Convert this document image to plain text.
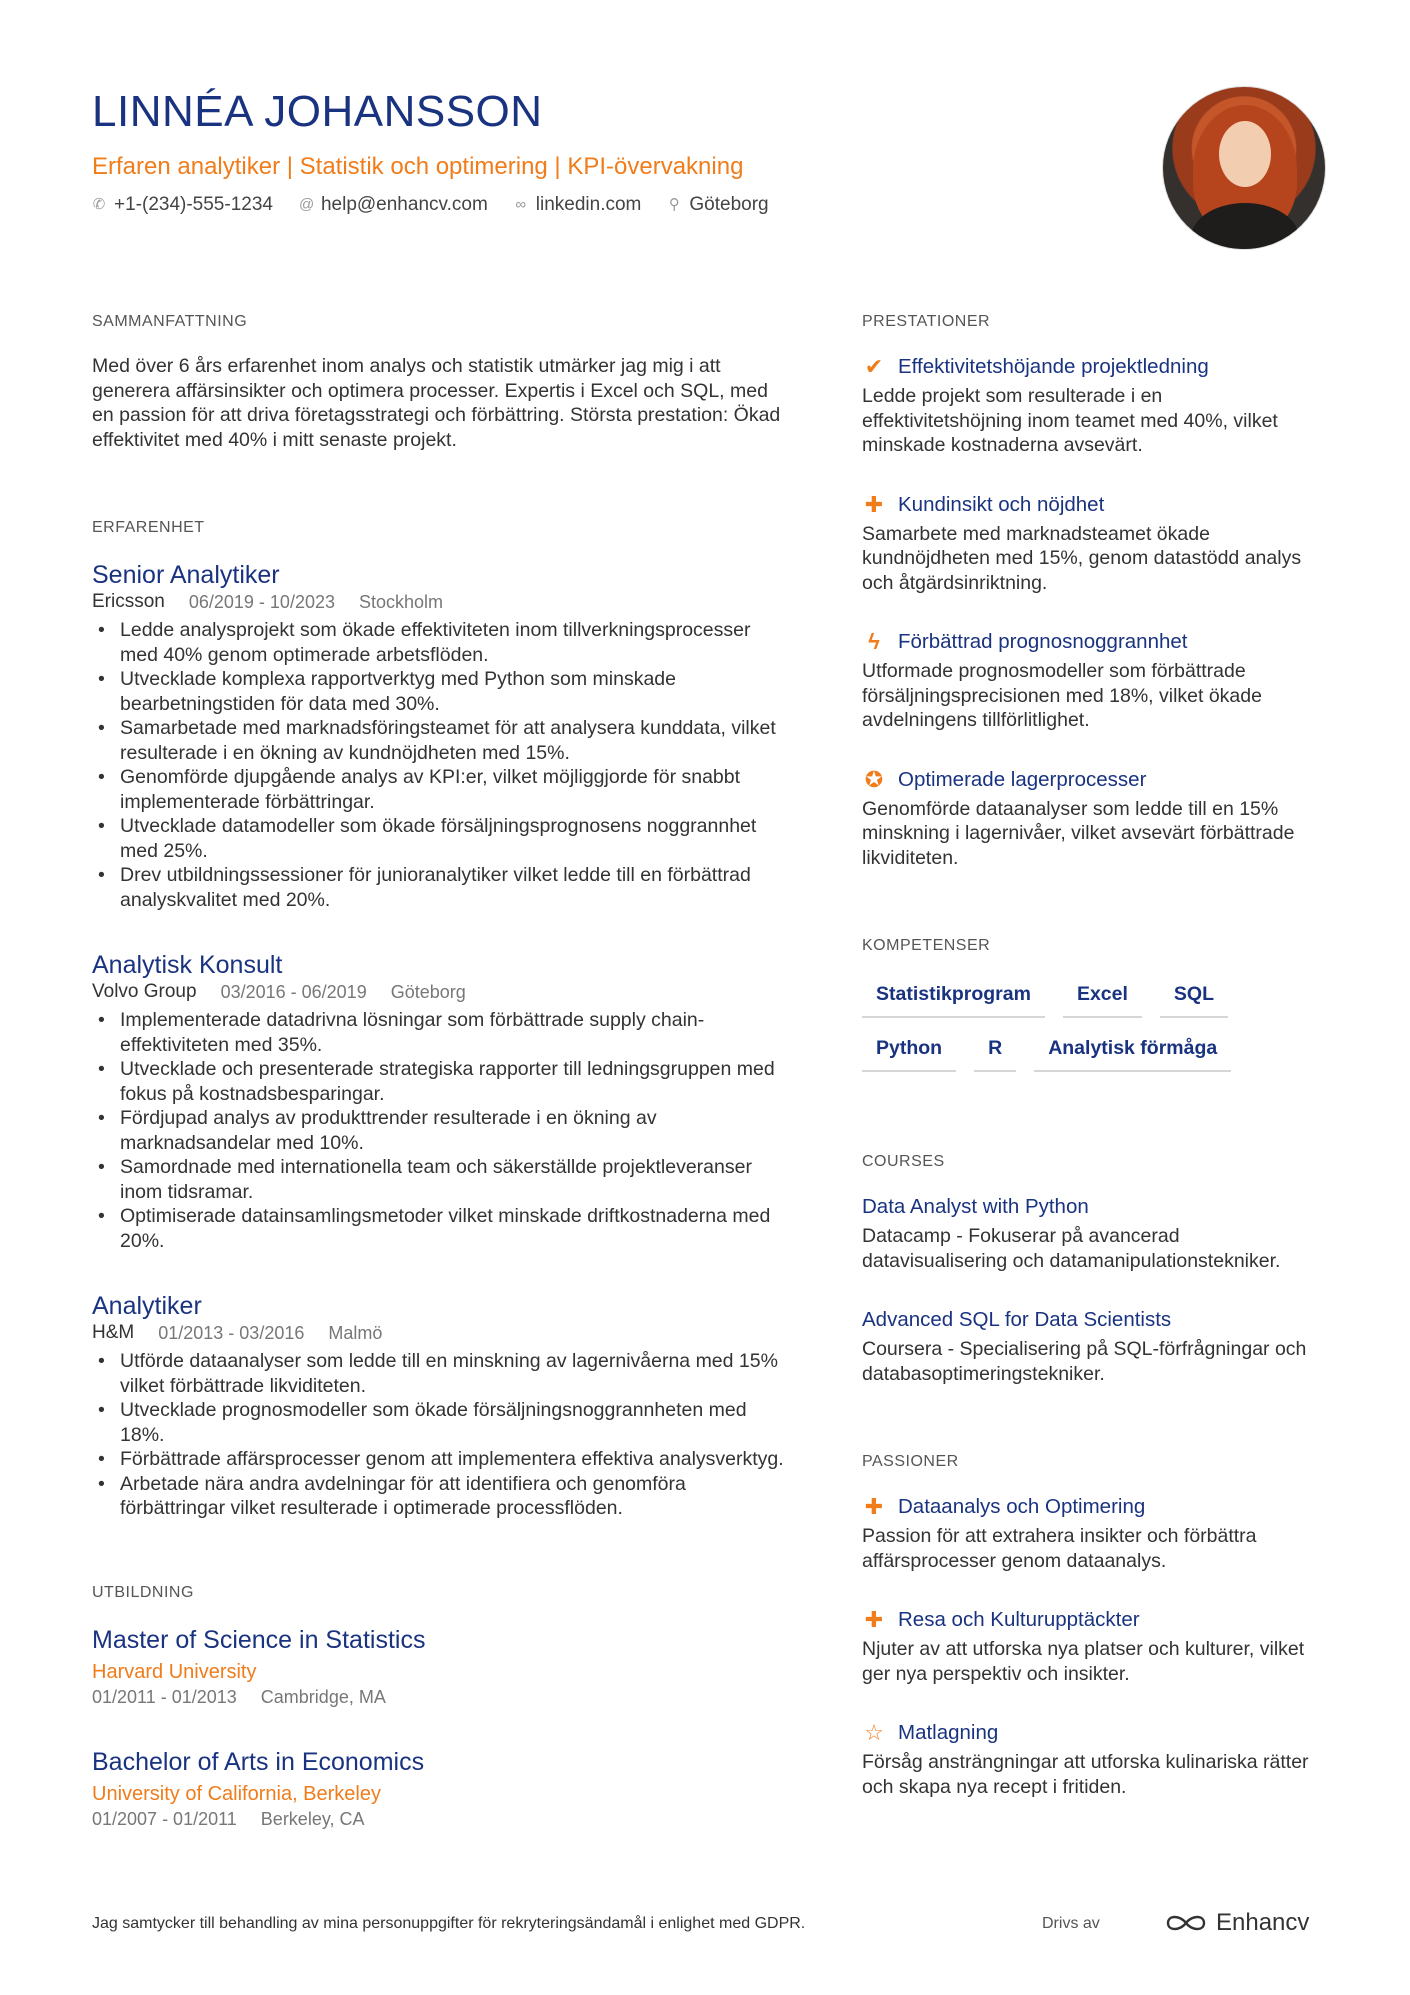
LINNÉA JOHANSSON
Erfaren analytiker | Statistik och optimering | KPI-övervakning
✆ +1-(234)-555-1234 @ help@enhancv.com ∞ linkedin.com ⚲ Göteborg
SAMMANFATTNING

Med över 6 års erfarenhet inom analys och statistik utmärker jag mig i att generera affärsinsikter och optimera processer. Expertis i Excel och SQL, med en passion för att driva företagsstrategi och förbättring. Största prestation: Ökad effektivitet med 40% i mitt senaste projekt.

ERFARENHET
Senior Analytiker
Ericsson 06/2019 - 10/2023 Stockholm
• Ledde analysprojekt som ökade effektiviteten inom tillverkningsprocesser med 40% genom optimerade arbetsflöden.
• Utvecklade komplexa rapportverktyg med Python som minskade bearbetningstiden för data med 30%.
• Samarbetade med marknadsföringsteamet för att analysera kunddata, vilket resulterade i en ökning av kundnöjdheten med 15%.
• Genomförde djupgående analys av KPI:er, vilket möjliggjorde för snabbt implementerade förbättringar.
• Utvecklade datamodeller som ökade försäljningsprognosens noggrannhet med 25%.
• Drev utbildningssessioner för junioranalytiker vilket ledde till en förbättrad analyskvalitet med 20%.
Analytisk Konsult
Volvo Group 03/2016 - 06/2019 Göteborg
• Implementerade datadrivna lösningar som förbättrade supply chain-effektiviteten med 35%.
• Utvecklade och presenterade strategiska rapporter till ledningsgruppen med fokus på kostnadsbesparingar.
• Fördjupad analys av produkttrender resulterade i en ökning av marknadsandelar med 10%.
• Samordnade med internationella team och säkerställde projektleveranser inom tidsramar.
• Optimiserade datainsamlingsmetoder vilket minskade driftkostnaderna med 20%.
Analytiker
H&M 01/2013 - 03/2016 Malmö
• Utförde dataanalyser som ledde till en minskning av lagernivåerna med 15% vilket förbättrade likviditeten.
• Utvecklade prognosmodeller som ökade försäljningsnoggrannheten med 18%.
• Förbättrade affärsprocesser genom att implementera effektiva analysverktyg.
• Arbetade nära andra avdelningar för att identifiera och genomföra förbättringar vilket resulterade i optimerade processflöden.
UTBILDNING
Master of Science in Statistics
Harvard University
01/2011 - 01/2013 Cambridge, MA
Bachelor of Arts in Economics
University of California, Berkeley
01/2007 - 01/2011 Berkeley, CA
PRESTATIONER
✔ Effektivitetshöjande projektledning

Ledde projekt som resulterade i en effektivitetshöjning inom teamet med 40%, vilket minskade kostnaderna avsevärt.

✚ Kundinsikt och nöjdhet

Samarbete med marknadsteamet ökade kundnöjdheten med 15%, genom datastödd analys och åtgärdsinriktning.

ϟ Förbättrad prognosnoggrannhet

Utformade prognosmodeller som förbättrade försäljningsprecisionen med 18%, vilket ökade avdelningens tillförlitlighet.

✪ Optimerade lagerprocesser

Genomförde dataanalyser som ledde till en 15% minskning i lagernivåer, vilket avsevärt förbättrade likviditeten.

KOMPETENSER
Statistikprogram	Excel	SQL
Python	R	Analytisk förmåga
COURSES
Data Analyst with Python

Datacamp - Fokuserar på avancerad datavisualisering och datamanipulationstekniker.

Advanced SQL for Data Scientists

Coursera - Specialisering på SQL-förfrågningar och databasoptimeringstekniker.

PASSIONER
✚ Dataanalys och Optimering

Passion för att extrahera insikter och förbättra affärsprocesser genom dataanalys.

✚ Resa och Kulturupptäckter

Njuter av att utforska nya platser och kulturer, vilket ger nya perspektiv och insikter.

☆ Matlagning

Försåg ansträngningar att utforska kulinariska rätter och skapa nya recept i fritiden.

Jag samtycker till behandling av mina personuppgifter för rekryteringsändamål i enlighet med GDPR.	Drivs av	Enhancv
